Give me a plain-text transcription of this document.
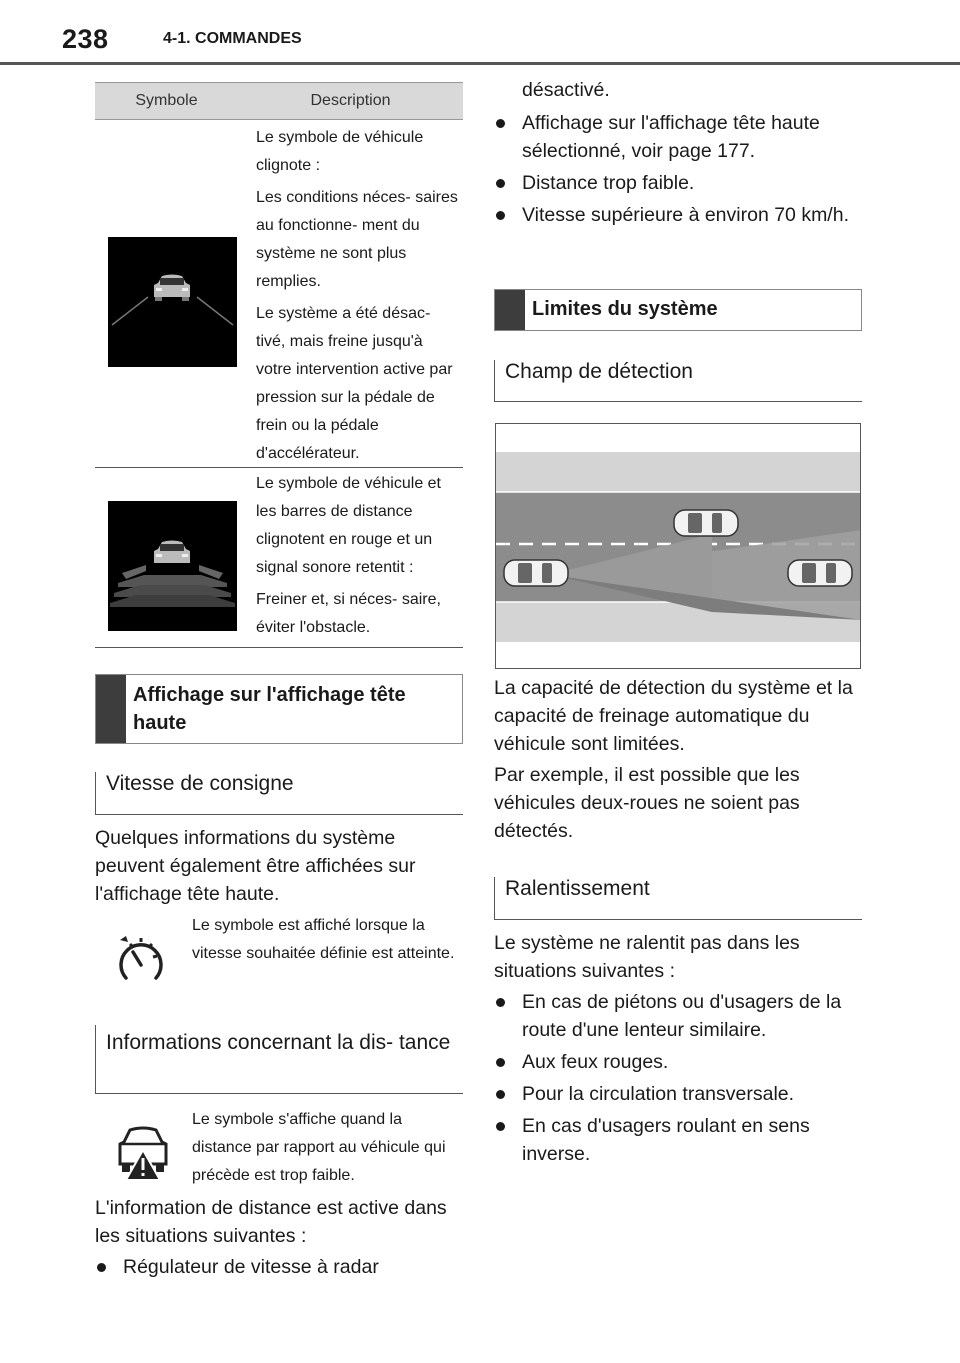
238	4-1. COMMANDES
Symbole	Description

Le symbole de véhicule clignote :

Les conditions néces- saires au fonctionne- ment du système ne sont plus remplies.

Le système a été désac- tivé, mais freine jusqu'à votre intervention active par pression sur la pédale de frein ou la pédale d'accélérateur.

Le symbole de véhicule et les barres de distance clignotent en rouge et un signal sonore retentit :

Freiner et, si néces- saire, éviter l'obstacle.

Affichage sur l'affichage tête haute
Vitesse de consigne
Quelques informations du système peuvent également être affichées sur l'affichage tête haute.
Le symbole est affiché lorsque la vitesse souhaitée définie est atteinte.
Informations concernant la dis- tance
Le symbole s'affiche quand la distance par rapport au véhicule qui précède est trop faible.
L'information de distance est active dans les situations suivantes :
Régulateur de vitesse à radar
désactivé.
Affichage sur l'affichage tête haute sélectionné, voir page 177.
Distance trop faible.
Vitesse supérieure à environ 70 km/h.
Limites du système
Champ de détection
La capacité de détection du système et la capacité de freinage automatique du véhicule sont limitées.
Par exemple, il est possible que les véhicules deux-roues ne soient pas détectés.
Ralentissement
Le système ne ralentit pas dans les situations suivantes :
En cas de piétons ou d'usagers de la route d'une lenteur similaire.
Aux feux rouges.
Pour la circulation transversale.
En cas d'usagers roulant en sens inverse.
